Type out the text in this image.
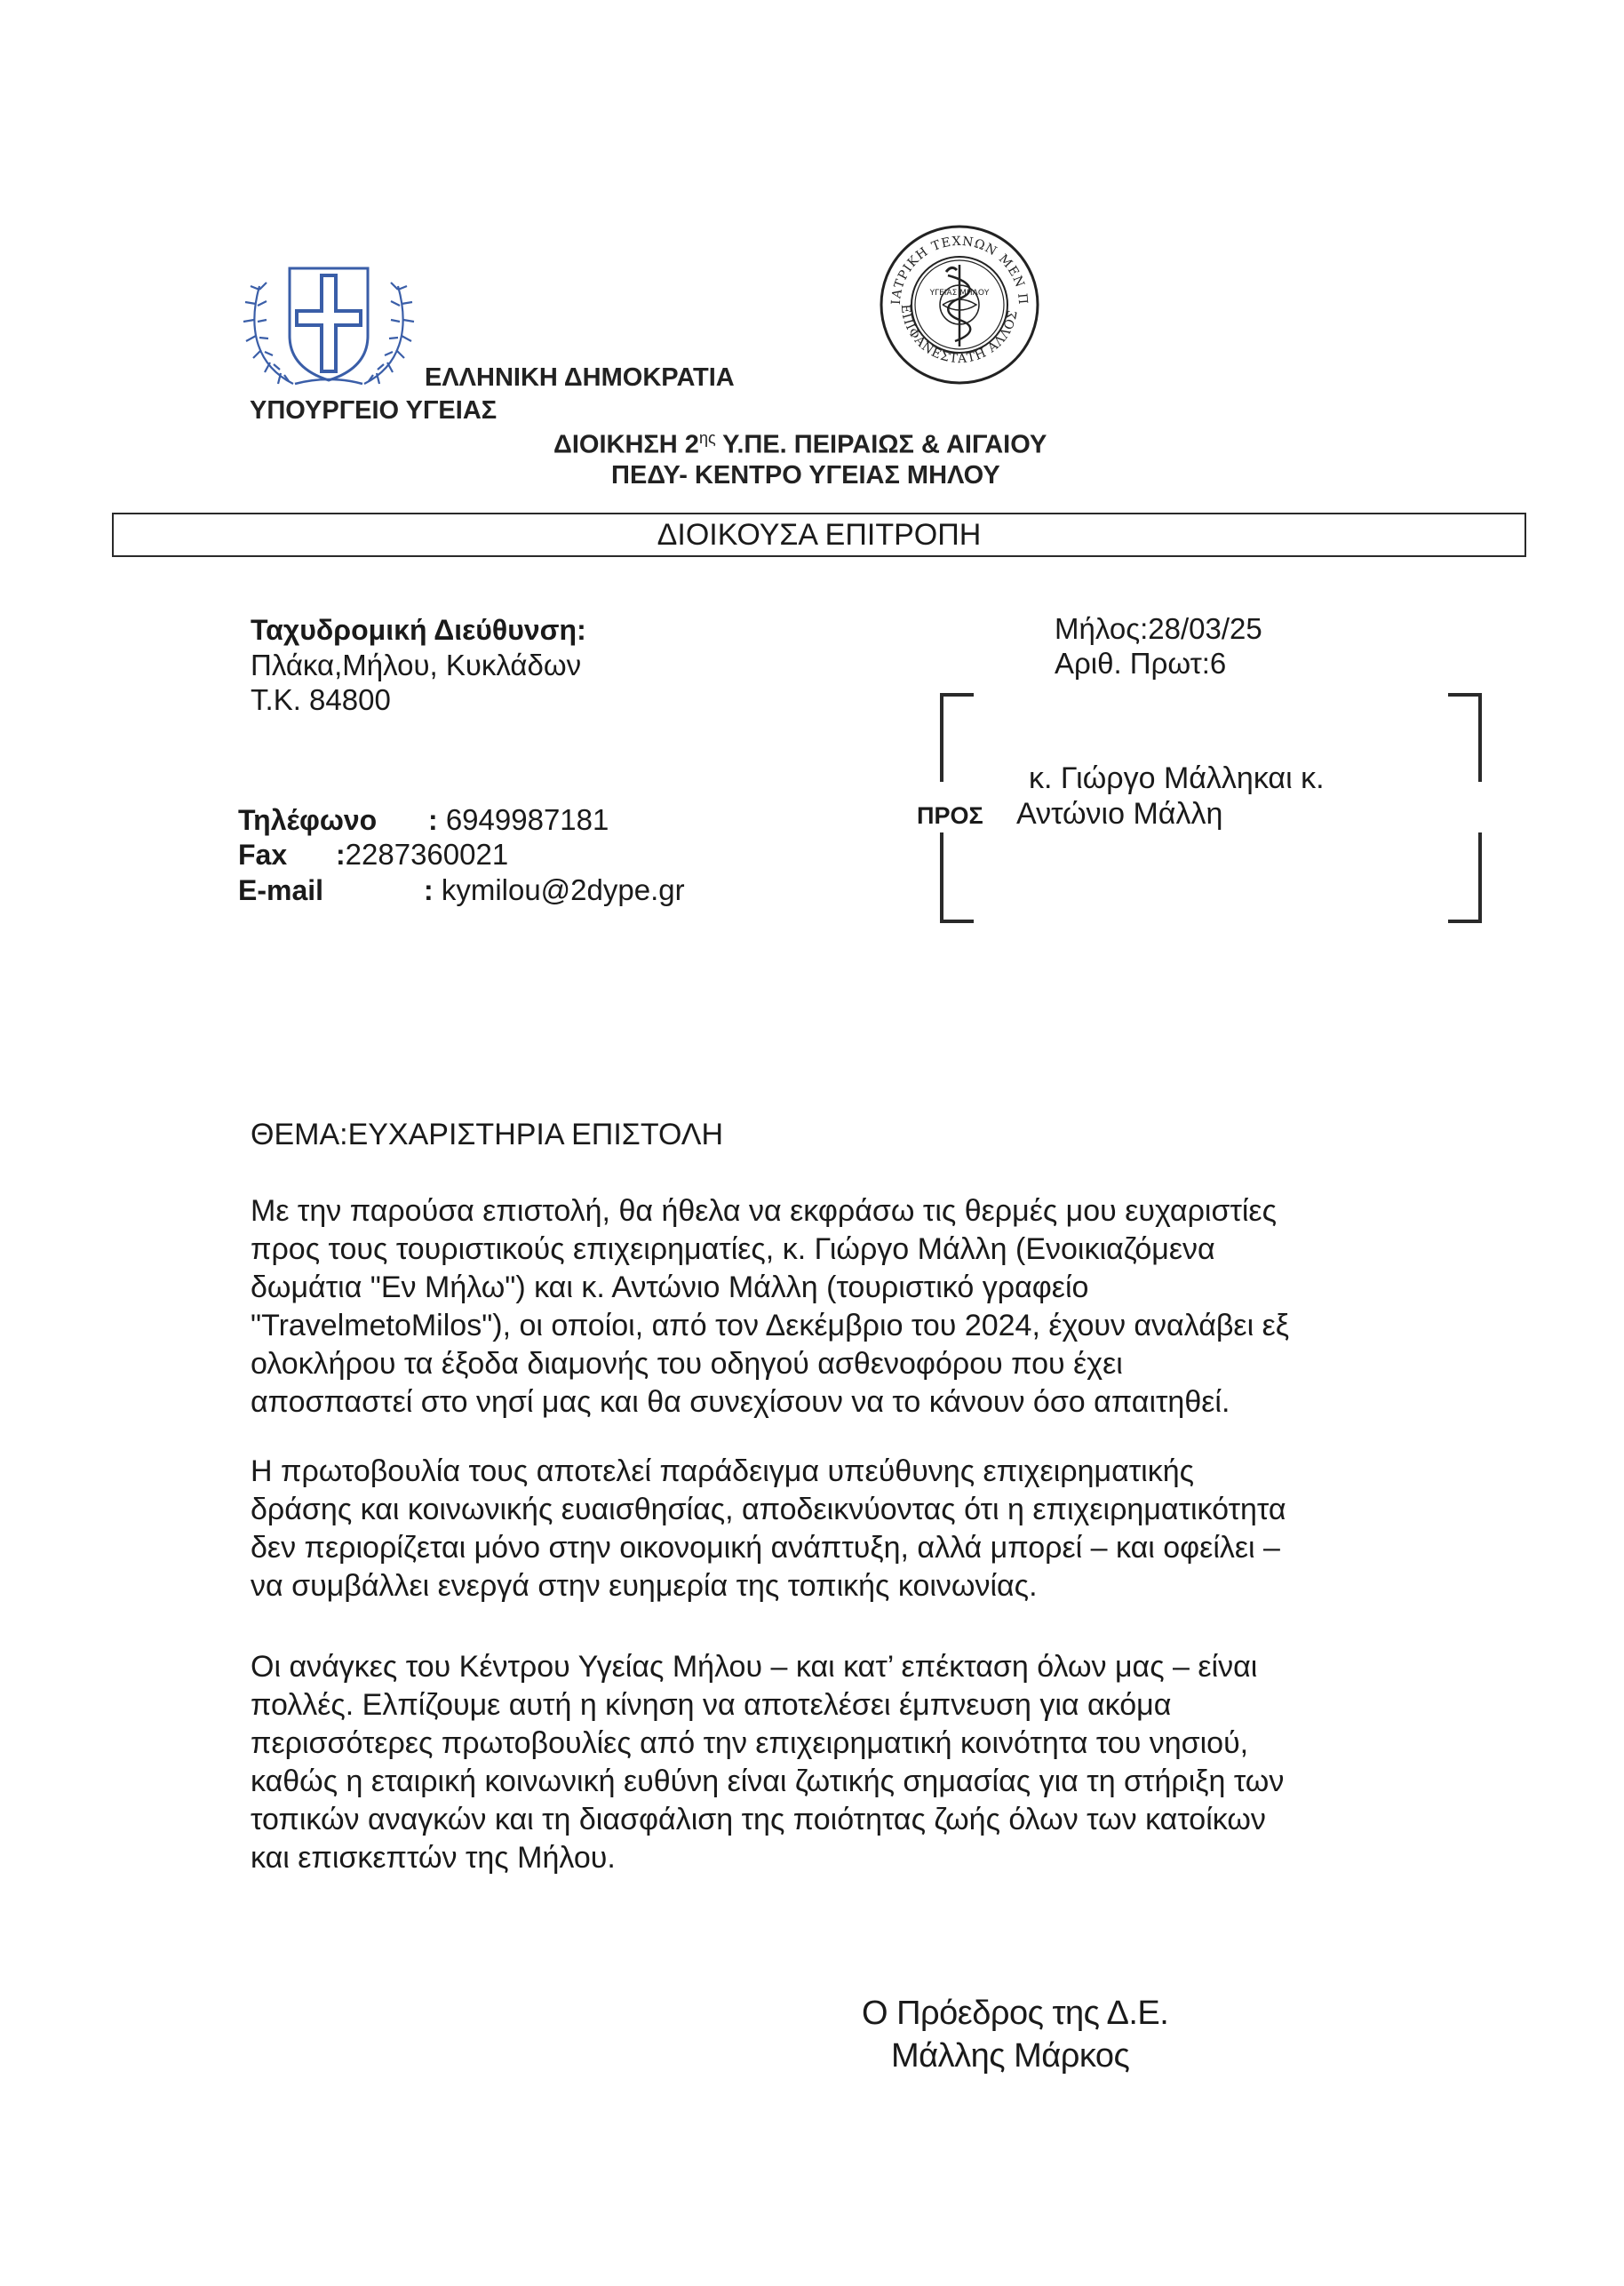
ΙΑΤΡΙΚΗ ΤΕΧΝΩΝ ΜΕΝ Π
ΕΠΙΦΑΝΕΣΤΑΤΗ ΑΛΛΟΣ
ΥΓΕΙΑΣ ΜΗΛΟΥ
ΕΛΛΗΝΙΚΗ ΔΗΜΟΚΡΑΤΙΑ
ΥΠΟΥΡΓΕΙΟ ΥΓΕΙΑΣ
ΔΙΟΙΚΗΣΗ $2^{\eta\varsigma}$ Υ.ΠΕ. ΠΕΙΡΑΙΩΣ & ΑΙΓΑΙΟΥ
ΠΕΔΥ- ΚΕΝΤΡΟ ΥΓΕΙΑΣ ΜΗΛΟΥ
ΔΙΟΙΚΟΥΣΑ ΕΠΙΤΡΟΠΗ
Ταχυδρομική Διεύθυνση:
Πλάκα,Μήλου, Κυκλάδων
Τ.Κ. 84800
Τηλέφωνο : 6949987181
Fax :2287360021
E-mail	: kymilou@2dype.gr
Μήλος:28/03/25
Αριθ. Πρωτ:6
ΠΡΟΣ
κ. Γιώργο Μάλληκαι κ.
Αντώνιο Μάλλη
ΘΕΜΑ:ΕΥΧΑΡΙΣΤΗΡΙΑ ΕΠΙΣΤΟΛΗ
Με την παρούσα επιστολή, θα ήθελα να εκφράσω τις θερμές μου ευχαριστίες
προς τους τουριστικούς επιχειρηματίες, κ. Γιώργο Μάλλη (Ενοικιαζόμενα
δωμάτια "Εν Μήλω") και κ. Αντώνιο Μάλλη (τουριστικό γραφείο
"TravelmetoMilos"), οι οποίοι, από τον Δεκέμβριο του 2024, έχουν αναλάβει εξ
ολοκλήρου τα έξοδα διαμονής του οδηγού ασθενοφόρου που έχει
αποσπαστεί στο νησί μας και θα συνεχίσουν να το κάνουν όσο απαιτηθεί.
Η πρωτοβουλία τους αποτελεί παράδειγμα υπεύθυνης επιχειρηματικής
δράσης και κοινωνικής ευαισθησίας, αποδεικνύοντας ότι η επιχειρηματικότητα
δεν περιορίζεται μόνο στην οικονομική ανάπτυξη, αλλά μπορεί – και οφείλει –
να συμβάλλει ενεργά στην ευημερία της τοπικής κοινωνίας.
Οι ανάγκες του Κέντρου Υγείας Μήλου – και κατ’ επέκταση όλων μας – είναι
πολλές. Ελπίζουμε αυτή η κίνηση να αποτελέσει έμπνευση για ακόμα
περισσότερες πρωτοβουλίες από την επιχειρηματική κοινότητα του νησιού,
καθώς η εταιρική κοινωνική ευθύνη είναι ζωτικής σημασίας για τη στήριξη των
τοπικών αναγκών και τη διασφάλιση της ποιότητας ζωής όλων των κατοίκων
και επισκεπτών της Μήλου.
Ο Πρόεδρος της Δ.Ε.
Μάλλης Μάρκος
